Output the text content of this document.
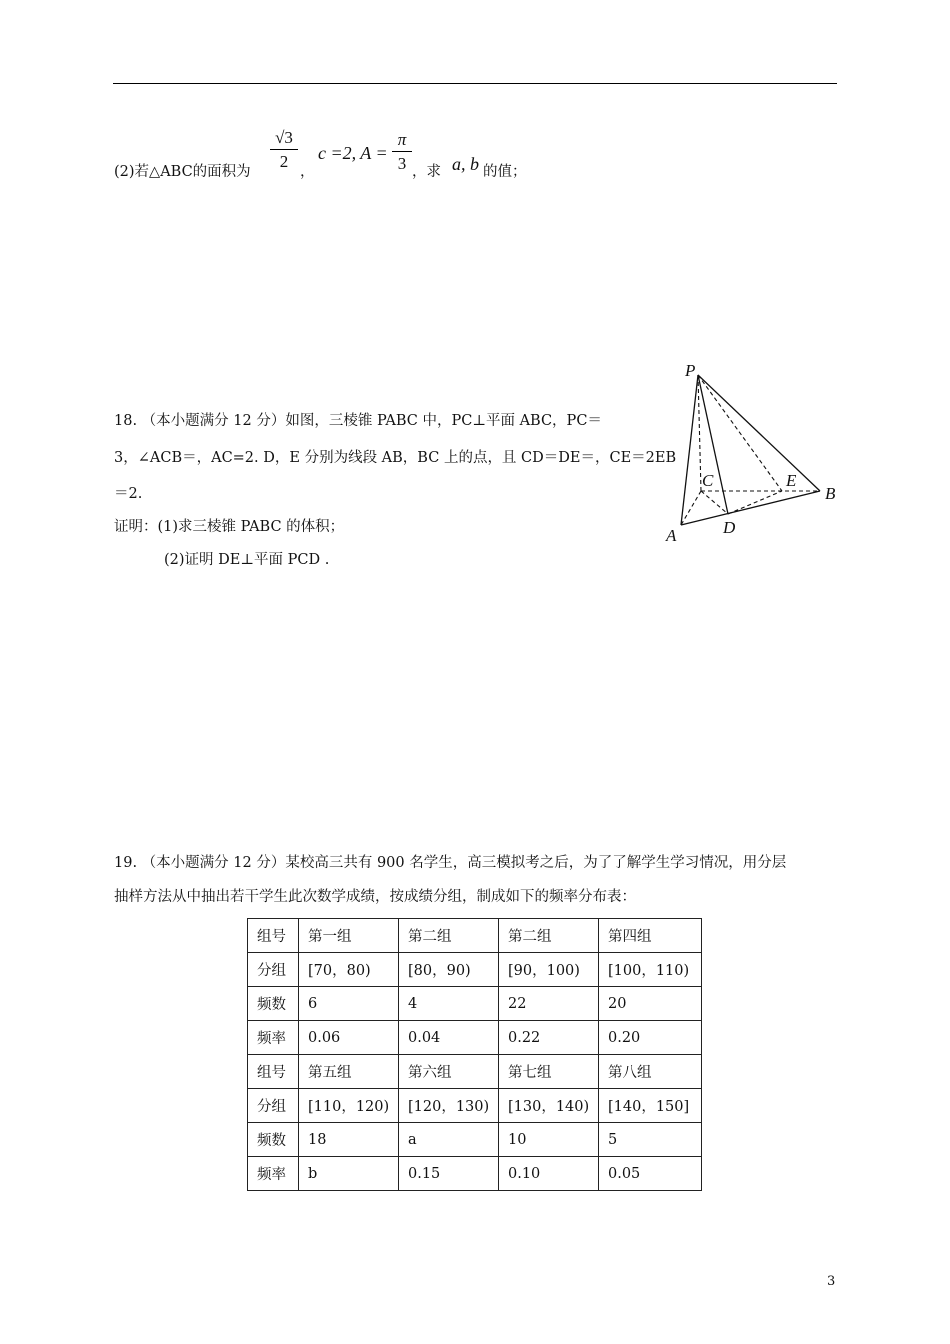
(2)若△ABC的面积为
√3
2
，
c =2, A =
π
3 ，求 a, b 的值；
18. （本小题满分 12 分）如图，三棱锥 PABC 中，PC⊥平面 ABC，PC＝
3，∠ACB＝，AC=2. D，E 分别为线段 AB，BC 上的点，且 CD＝DE＝，CE＝2EB
＝2.
证明：(1)求三棱锥 PABC 的体积；
(2)证明 DE⊥平面 PCD .
P
A
B
C
D
E
19. （本小题满分 12 分）某校高三共有 900 名学生，高三模拟考之后，为了了解学生学习情况，用分层
抽样方法从中抽出若干学生此次数学成绩，按成绩分组，制成如下的频率分布表：
组号	第一组	第二组	第二组	第四组
分组	[70，80)	[80，90)	[90，100)	[100，110)
频数	6	4	22	20
频率	0.06	0.04	0.22	0.20
组号	第五组	第六组	第七组	第八组
分组	[110，120)	[120，130)	[130，140)	[140，150]
频数	18	a	10	5
频率	b	0.15	0.10	0.05
3
